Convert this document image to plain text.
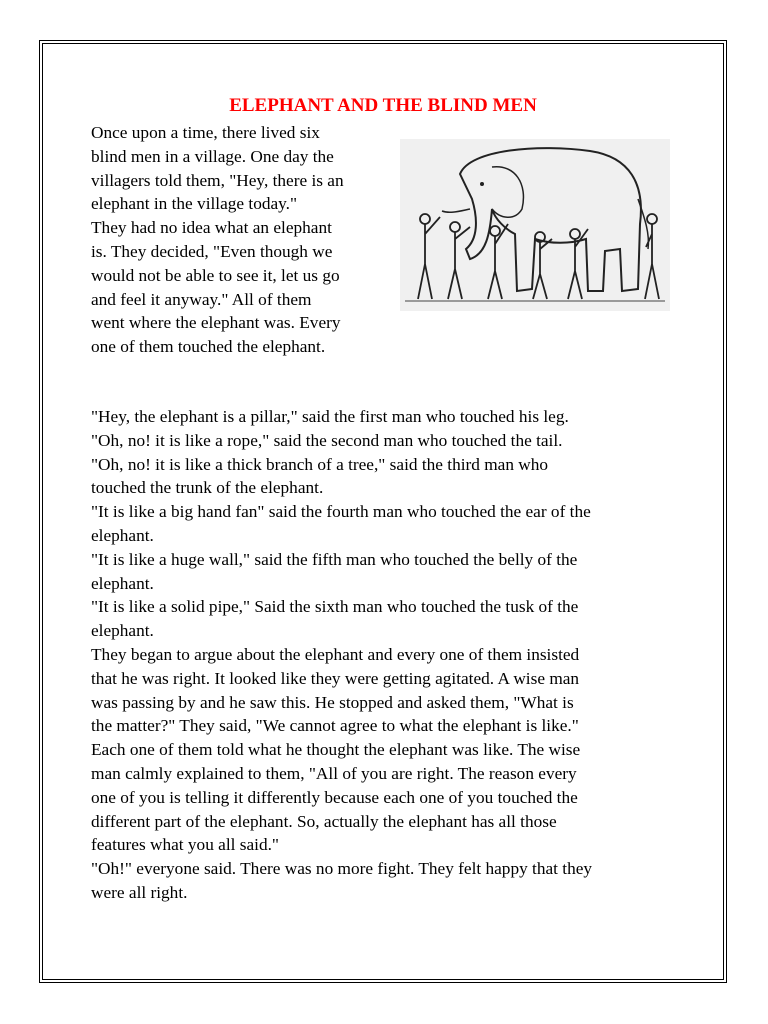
ELEPHANT AND THE BLIND MEN
Once upon a time, there lived six
blind men in a village. One day the
villagers told them, "Hey, there is an
elephant in the village today."
They had no idea what an elephant
is. They decided, "Even though we
would not be able to see it, let us go
and feel it anyway." All of them
went where the elephant was. Every
one of them touched the elephant.
"Hey, the elephant is a pillar," said the first man who touched his leg.
"Oh, no! it is like a rope," said the second man who touched the tail.
"Oh, no! it is like a thick branch of a tree," said the third man who
touched the trunk of the elephant.
"It is like a big hand fan" said the fourth man who touched the ear of the
elephant.
"It is like a huge wall," said the fifth man who touched the belly of the
elephant.
"It is like a solid pipe," Said the sixth man who touched the tusk of the
elephant.
They began to argue about the elephant and every one of them insisted
that he was right. It looked like they were getting agitated. A wise man
was passing by and he saw this. He stopped and asked them, "What is
the matter?" They said, "We cannot agree to what the elephant is like."
Each one of them told what he thought the elephant was like. The wise
man calmly explained to them, "All of you are right. The reason every
one of you is telling it differently because each one of you touched the
different part of the elephant. So, actually the elephant has all those
features what you all said."
"Oh!" everyone said. There was no more fight. They felt happy that they
were all right.
